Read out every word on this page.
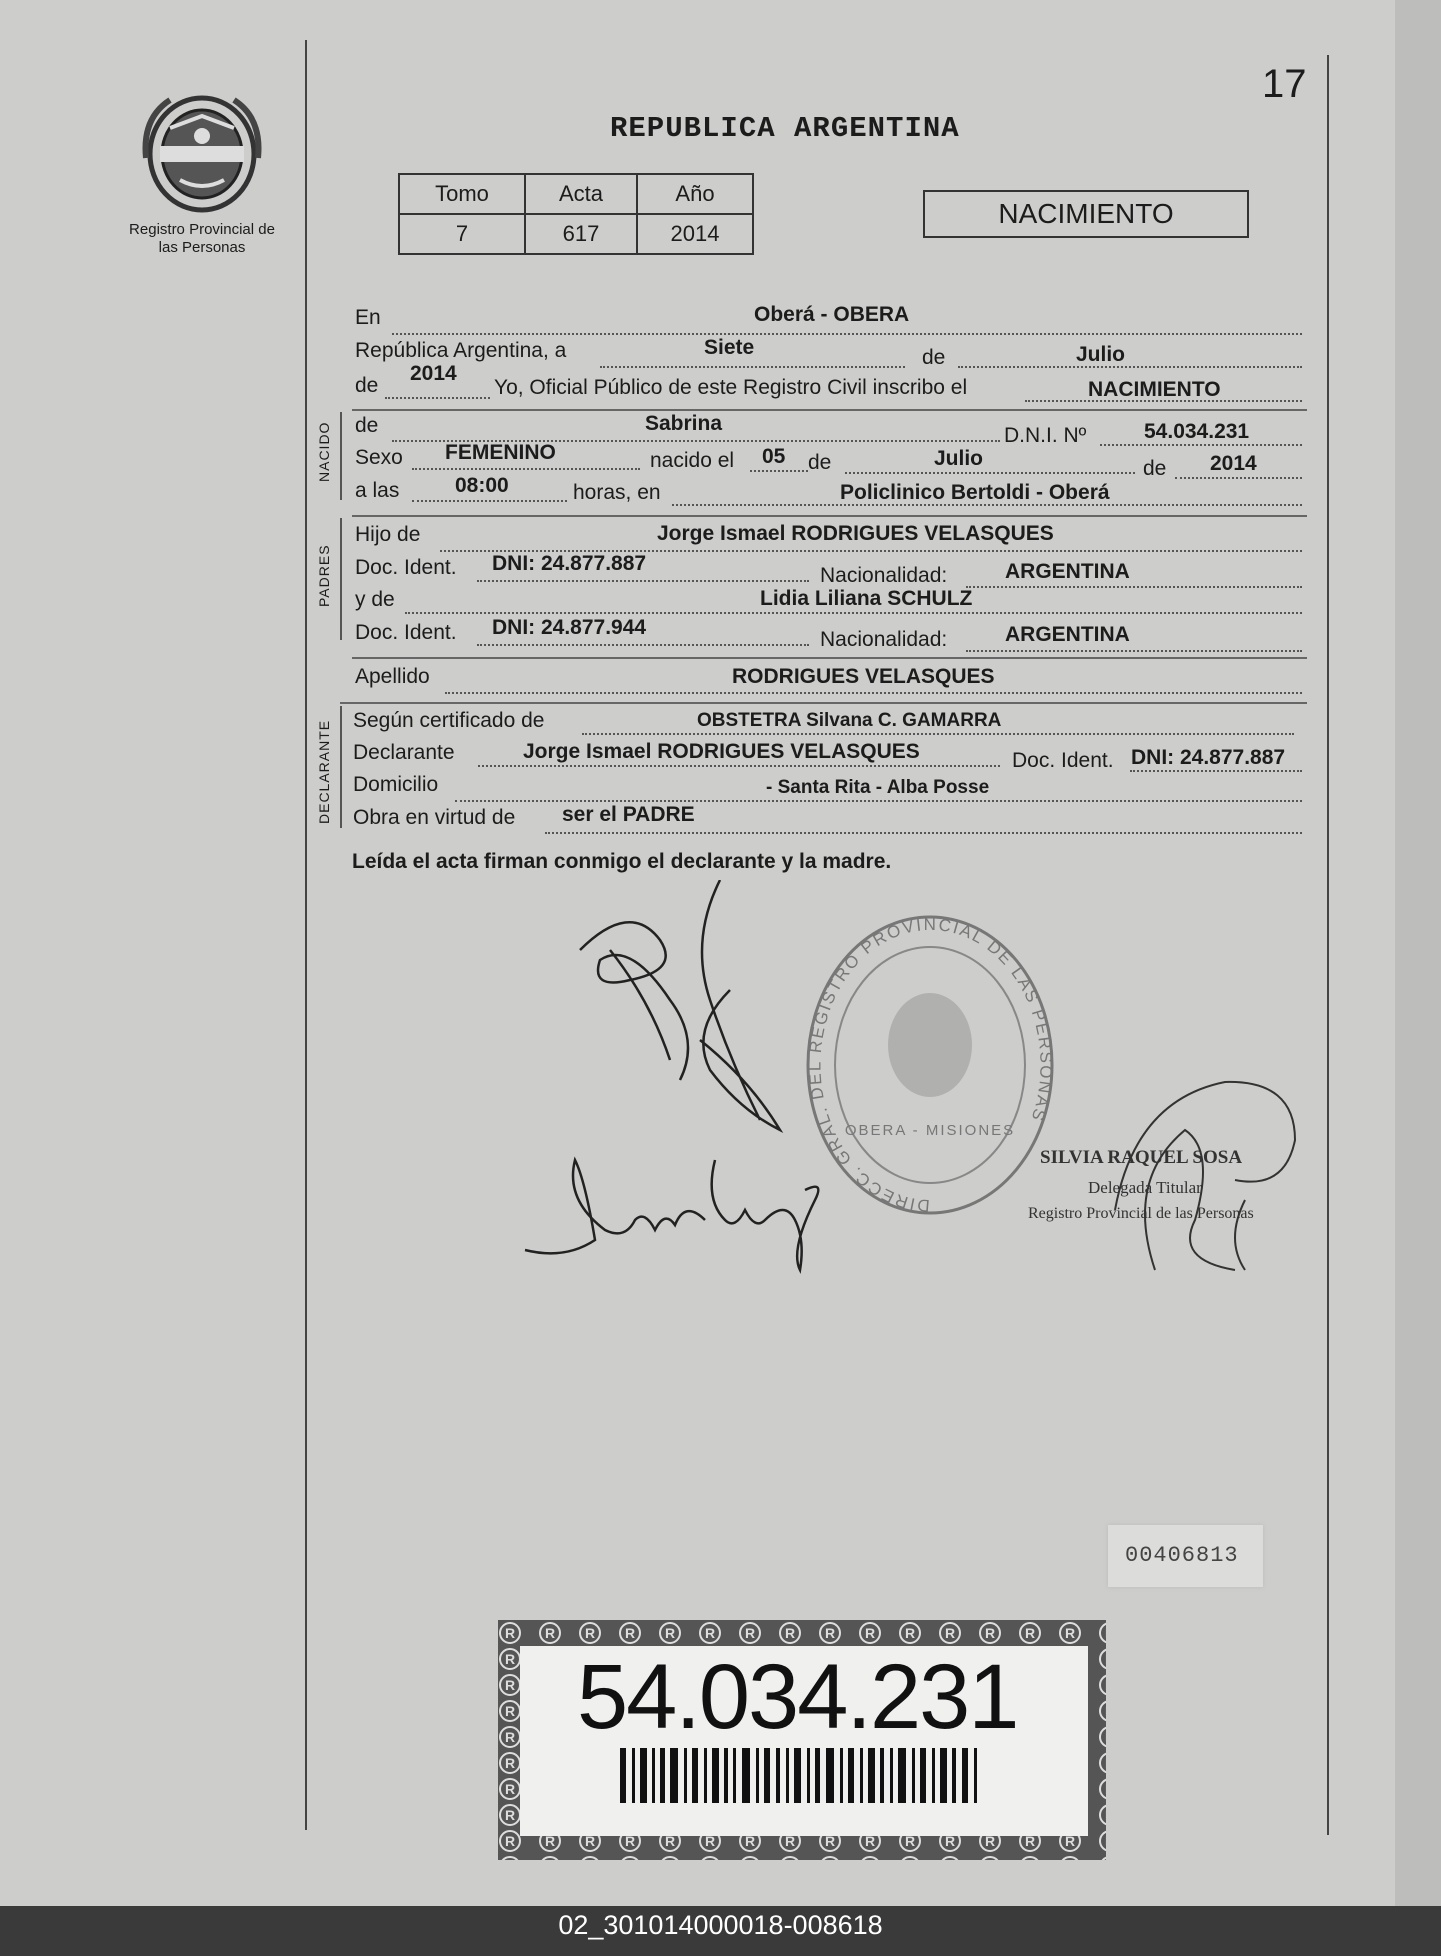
17
Registro Provincial de las Personas
REPUBLICA ARGENTINA
Tomo	Acta	Año
7	617	2014
NACIMIENTO
En	Oberá - OBERA
República Argentina, a	Siete	de	Julio
de
2014
Yo, Oficial Público de este Registro Civil inscribo el	NACIMIENTO
NACIDO de	Sabrina
D.N.I. Nº	54.034.231
Sexo FEMENINO	nacido el 05 de	Julio	de 2014
a las	08:00	horas, en	Policlinico Bertoldi - Oberá
PADRES
Hijo de	Jorge Ismael RODRIGUES VELASQUES
Doc. Ident. DNI: 24.877.887
Nacionalidad:	ARGENTINA
y de	Lidia Liliana SCHULZ
Doc. Ident. DNI: 24.877.944
Nacionalidad:	ARGENTINA
Apellido	RODRIGUES VELASQUES
DECLARANTE Según certificado de	OBSTETRA Silvana C. GAMARRA
Declarante	Jorge Ismael RODRIGUES VELASQUES	Doc. Ident. DNI: 24.877.887
Domicilio	- Santa Rita - Alba Posse
Obra en virtud de ser el PADRE
Leída el acta firman conmigo el declarante y la madre.
DIRECC. GRAL. DEL REGISTRO PROVINCIAL DE LAS PERSONAS
OBERA - MISIONES
SILVIA RAQUEL SOSA
Delegada Titular
Registro Provincial de las Personas
00406813
54.034.231
02_301014000018-008618
